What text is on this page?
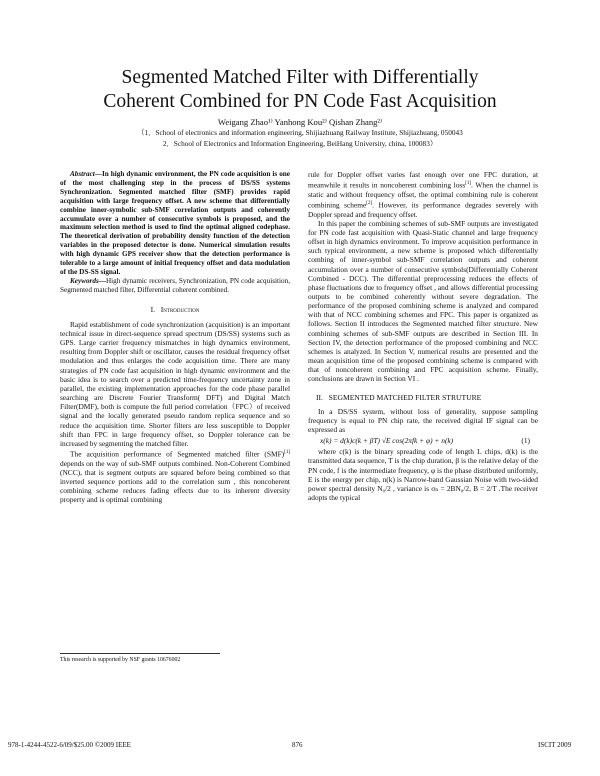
Segmented Matched Filter with Differentially
Coherent Combined for PN Code Fast Acquisition
Weigang Zhao¹⁾ Yanhong Kou²⁾ Qishan Zhang²⁾
（1．School of electronics and information engineering, Shijiazhuang Railway Institute, Shijiazhuang, 050043
2．School of Electronics and Information Engineering, BeiHang University, china, 100083）

Abstract—In high dynamic environment, the PN code acquisition is one of the most challenging step in the process of DS/SS systems Synchronization. Segmented matched filter (SMF) provides rapid acquisition with large frequency offset. A new scheme that differentially combine inner-symbolic sub-SMF correlation outputs and coherently accumulate over a number of consecutive symbols is proposed, and the maximum selection method is used to find the optimal aligned codephase. The theoretical derivation of probability density function of the detection variables in the proposed detector is done. Numerical simulation results with high dynamic GPS receiver show that the detection performance is tolerable to a large amount of initial frequency offset and data modulation of the DS-SS signal.

Keywords—High dynamic receivers, Synchronization, PN code acquisition, Segmented matched filter, Differential coherent combined.

I. Introduction

Rapid establishment of code synchronization (acquisition) is an important technical issue in direct-sequence spread spectrum (DS/SS) systems such as GPS. Large carrier frequency mismatches in high dynamics environment, resulting from Doppler shift or oscillator, causes the residual frequency offset modulation and thus enlarges the code acquisition time. There are many strategies of PN code fast acquisition in high dynamic environment and the basic idea is to search over a predicted time-frequency uncertainty zone in parallel, the existing implementation approaches for the code phase parallel searching are Discrete Fourier Transform( DFT) and Digital Match Filter(DMF), both is compute the full period correlation（FPC）of received signal and the locally generated pseudo random replica sequence and so reduce the acquisition time. Shorter filters are less susceptible to Doppler shift than FPC in large frequency offset, so Doppler tolerance can be increased by segmenting the matched filter.

The acquisition performance of Segmented matched filter (SMF)[1] depends on the way of sub-SMF outputs combined. Non-Coherent Combined (NCC), that is segment outputs are squared before being combined so that inverted sequence portions add to the correlation sum , this noncoherent combining scheme reduces fading effects due to its inherent diversity property and is optimal combining

rule for Doppler offset varies fast enough over one FPC duration, at meanwhile it results in noncoherent combining loss[1]. When the channel is static and without frequency offset, the optimal combining rule is coherent combining scheme[2]. However, its performance degrades severely with Doppler spread and frequency offset.

In this paper the combining schemes of sub-SMF outputs are investigated for PN code fast acquisition with Quasi-Static channel and large frequency offset in high dynamics environment. To improve acquisition performance in such typical environment, a new scheme is proposed which differentially combing of inner-symbol sub-SMF correlation outputs and coherent accumulation over a number of consecutive symbols(Differentially Coherent Combined - DCC). The differential preprocessing reduces the effects of phase fluctuations due to frequency offset , and allows differential processing outputs to be combined coherently without severe degradation. The performance of the proposed combining scheme is analyzed and compared with that of NCC combining schemes and FPC. This paper is organized as follows. Section II introduces the Segmented matched filter structure. New combining schemes of sub-SMF outputs are described in Section III. In Section IV, the detection performance of the proposed combining and NCC schemes is analyzed. In Section V, numerical results are presented and the mean acquisition time of the proposed combining scheme is compared with that of noncoherent combining and FPC acquisition scheme. Finally, conclusions are drawn in Section VI .

II. SEGMENTED MATCHED FILTER STRUTURE

In a DS/SS system, without loss of generality, suppose sampling frequency is equal to PN chip rate, the received digital IF signal can be expressed as

x(k) = d(k)c(k + βT) √E cos(2πfk + φ) + n(k)	(1)

where c(k) is the binary spreading code of length L chips, d(k) is the transmitted data sequence, T is the chip duration, β is the relative delay of the PN code, f is the intermediate frequency, φ is the phase distributed uniformly, E is the energy per chip, n(k) is Narrow-band Gaussian Noise with two-sided power spectral density N₀/2 , variance is σₙ = 2BN₀/2, B = 2/T .The receiver adopts the typical

This research is supported by NSF grants 10676002
978-1-4244-4522-6/09/$25.00 ©2009 IEEE	876	ISCIT 2009
